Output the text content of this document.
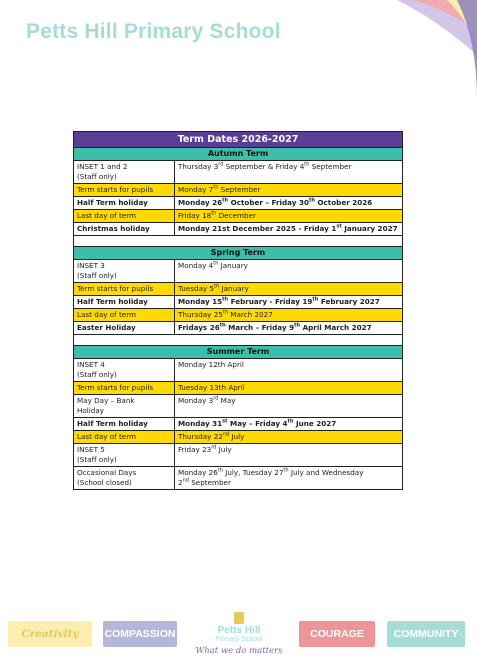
Petts Hill Primary School
Term Dates 2026-2027	
Autumn Term	
INSET 1 and 2
(Staff only)	Thursday 3rd September & Friday 4th September
Term starts for pupils	Monday 7th September
Half Term holiday	Monday 26th October – Friday 30th October 2026
Last day of term	Friday 18th December
Christmas holiday	Monday 21st December 2025 - Friday 1st January 2027

Spring Term	
INSET 3
(Staff only)	Monday 4th January
Term starts for pupils	Tuesday 5th January
Half Term holiday	Monday 15th February - Friday 19th February 2027
Last day of term	Thursday 25th March 2027
Easter Holiday	Fridays 26th March – Friday 9th April March 2027

Summer Term	
INSET 4
(Staff only)	Monday 12th April
Term starts for pupils	Tuesday 13th April
May Day – Bank
Holiday	Monday 3rd May
Half Term holiday	Monday 31st May – Friday 4th June 2027
Last day of term	Thursday 22nd July
INSET 5
(Staff only)	Friday 23rd July
Occasional Days
(School closed)	Monday 26th July, Tuesday 27th July and Wednesday
2nd September
Creativity	COMPASSION	Petts Hill
Primary School
What we do matters
COURAGE	COMMUNITY
